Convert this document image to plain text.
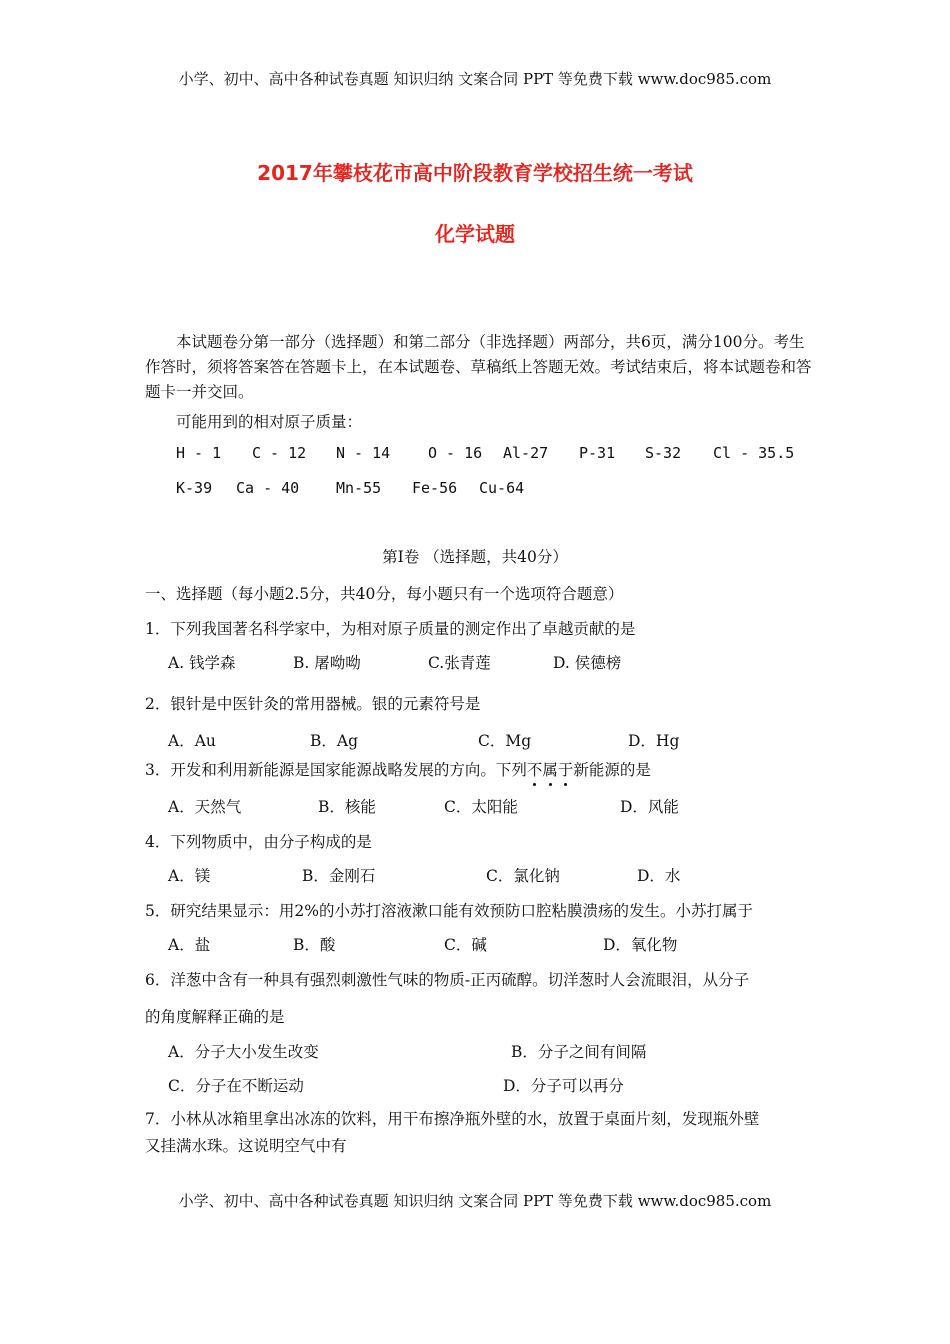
小学、初中、高中各种试卷真题 知识归纳 文案合同 PPT 等免费下载 www.doc985.com
2017年攀枝花市高中阶段教育学校招生统一考试
化学试题
本试题卷分第一部分（选择题）和第二部分（非选择题）两部分，共6页，满分100分。考生作答时，须将答案答在答题卡上，在本试题卷、草稿纸上答题无效。考试结束后，将本试题卷和答题卡一并交回。
可能用到的相对原子质量：
H - 1 C - 12 N - 14	O - 16 Al-27 P-31 S-32 Cl - 35.5
K-39 Ca - 40 Mn-55 Fe-56 Cu-64
第Ⅰ卷 （选择题，共40分）
一、选择题（每小题2.5分，共40分，每小题只有一个选项符合题意）
1．下列我国著名科学家中，为相对原子质量的测定作出了卓越贡献的是
A. 钱学森	B. 屠呦呦	C.张青莲	D. 侯德榜
2．银针是中医针灸的常用器械。银的元素符号是
A．Au	B．Ag	C．Mg	D．Hg
3．开发和利用新能源是国家能源战略发展的方向。下列不属于新能源的是
A．天然气	B．核能	C．太阳能	D．风能
4．下列物质中，由分子构成的是
A．镁	B．金刚石	C．氯化钠	D．水
5．研究结果显示：用2%的小苏打溶液漱口能有效预防口腔粘膜溃疡的发生。小苏打属于
A．盐	B．酸	C．碱	D．氧化物
6．洋葱中含有一种具有强烈刺激性气味的物质-正丙硫醇。切洋葱时人会流眼泪，从分子
的角度解释正确的是
A．分子大小发生改变	B．分子之间有间隔
C．分子在不断运动	D．分子可以再分
7．小林从冰箱里拿出冰冻的饮料，用干布擦净瓶外壁的水，放置于桌面片刻，发现瓶外壁
又挂满水珠。这说明空气中有
小学、初中、高中各种试卷真题 知识归纳 文案合同 PPT 等免费下载 www.doc985.com
